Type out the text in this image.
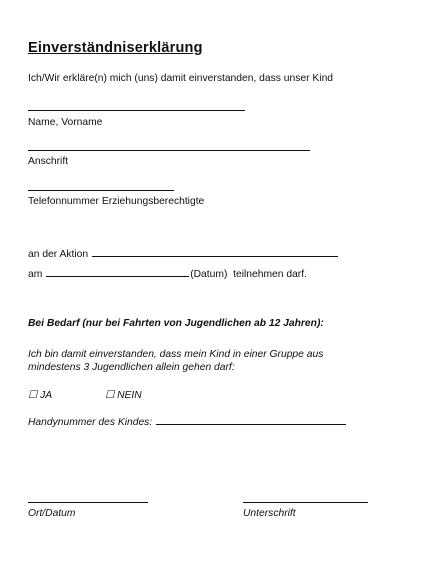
Einverständniserklärung
Ich/Wir erkläre(n) mich (uns) damit einverstanden, dass unser Kind
Name, Vorname
Anschrift
Telefonnummer Erziehungsberechtigte
an der Aktion
am	(Datum) teilnehmen darf.
Bei Bedarf (nur bei Fahrten von Jugendlichen ab 12 Jahren):
Ich bin damit einverstanden, dass mein Kind in einer Gruppe aus
mindestens 3 Jugendlichen allein gehen darf:
☐ JA	☐ NEIN
Handynummer des Kindes:
Ort/Datum	Unterschrift
